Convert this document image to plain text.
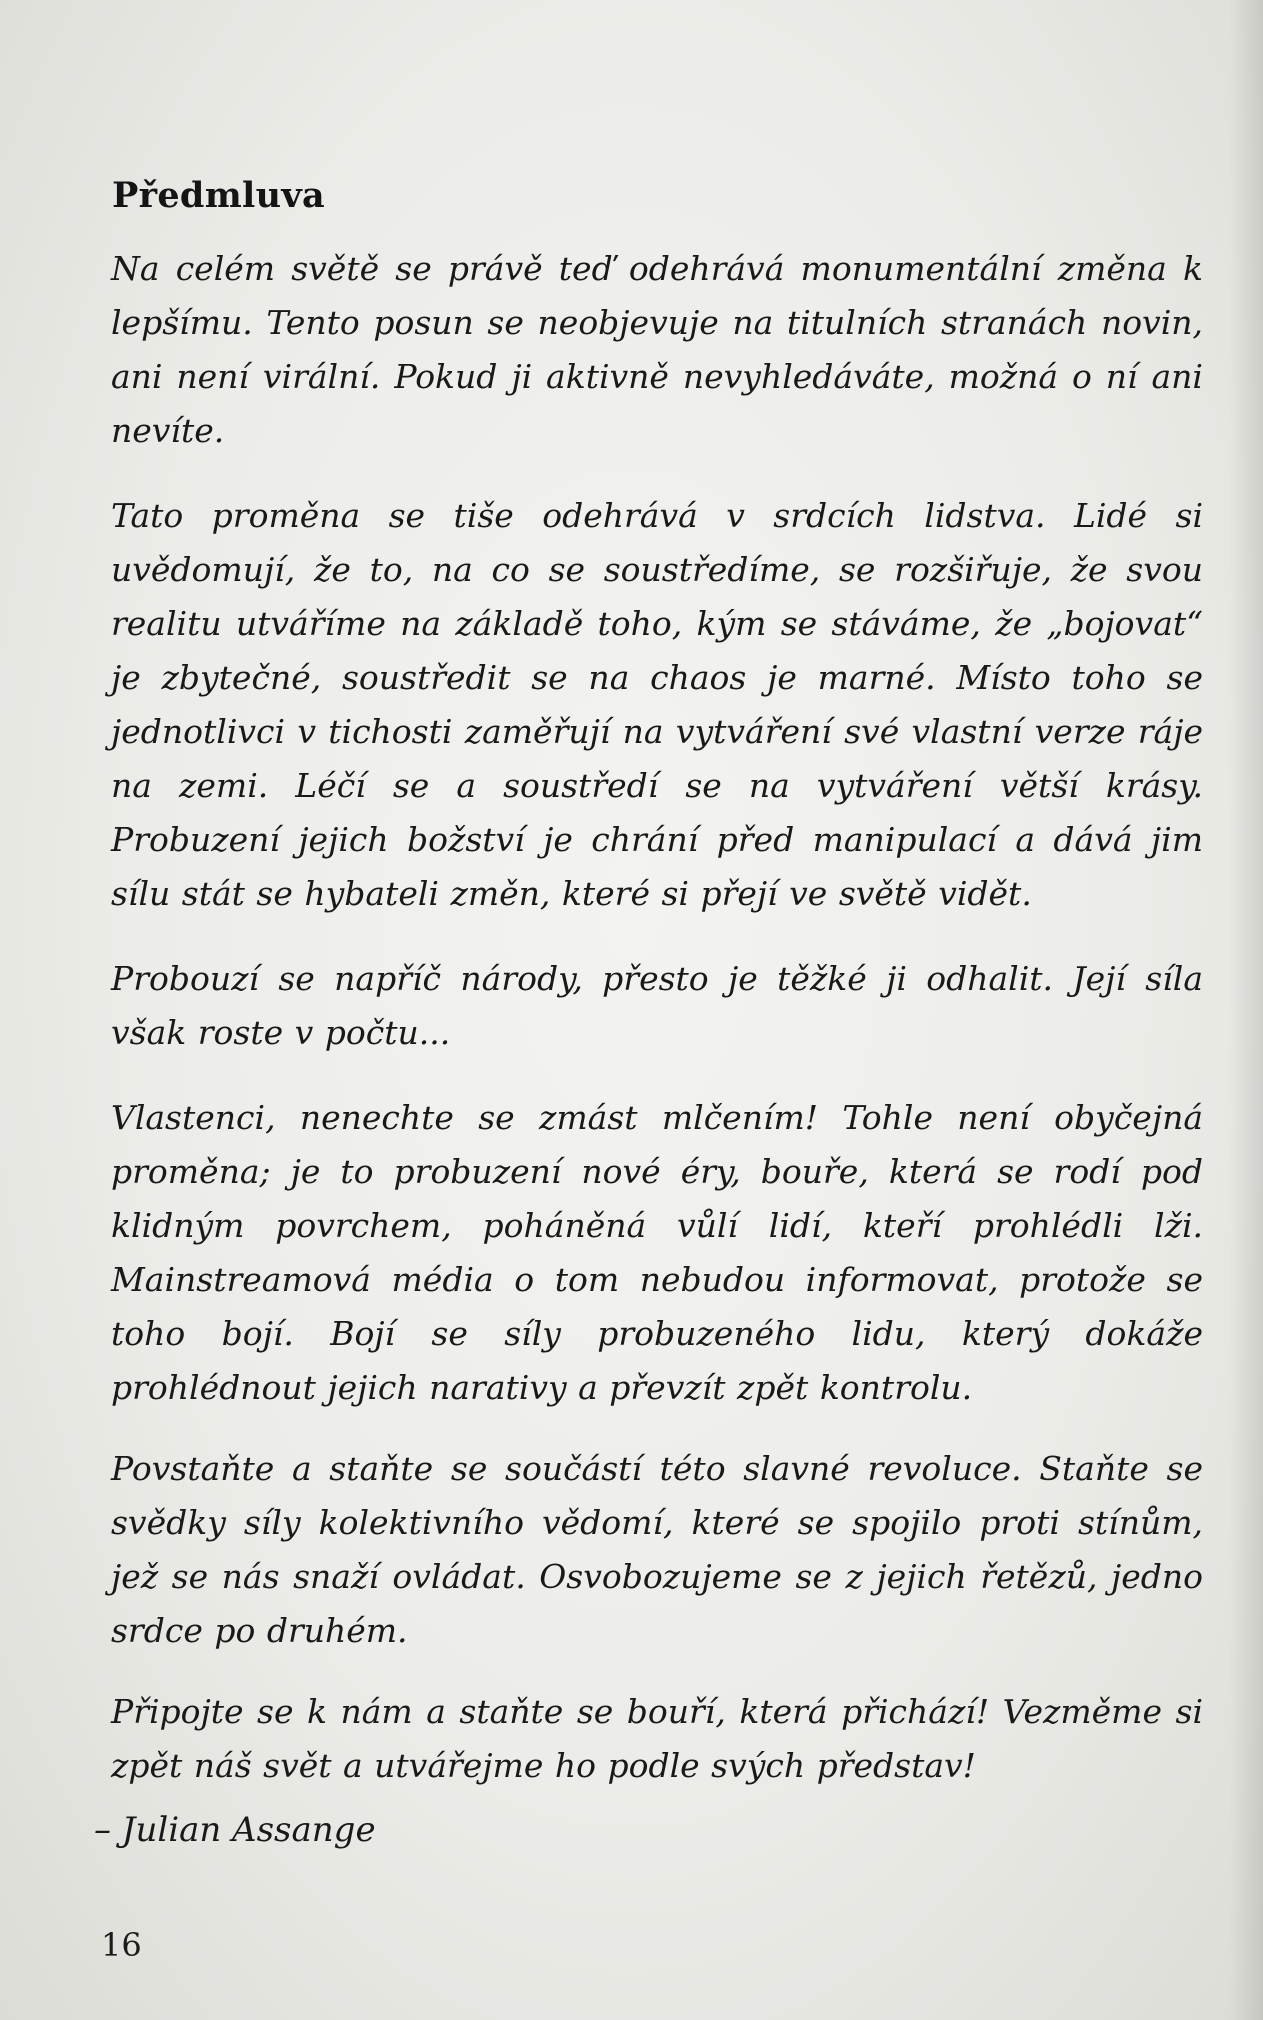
Předmluva

Na celém světě se právě teď odehrává monumentální změna k lepšímu. Tento posun se neobjevuje na titulních stranách novin, ani není virální. Pokud ji aktivně nevyhledáváte, možná o ní ani nevíte.

Tato proměna se tiše odehrává v srdcích lidstva. Lidé si uvědomují, že to, na co se soustředíme, se rozšiřuje, že svou realitu utváříme na základě toho, kým se stáváme, že „bojovat“ je zbytečné, soustředit se na chaos je marné. Místo toho se jednotlivci v tichosti zaměřují na vytváření své vlastní verze ráje na zemi. Léčí se a soustředí se na vytváření větší krásy. Probuzení jejich božství je chrání před manipulací a dává jim sílu stát se hybateli změn, které si přejí ve světě vidět.

Probouzí se napříč národy, přesto je těžké ji odhalit. Její síla však roste v počtu...

Vlastenci, nenechte se zmást mlčením! Tohle není obyčejná proměna; je to probuzení nové éry, bouře, která se rodí pod klidným povrchem, poháněná vůlí lidí, kteří prohlédli lži. Mainstreamová média o tom nebudou informovat, protože se toho bojí. Bojí se síly probuzeného lidu, který dokáže prohlédnout jejich narativy a převzít zpět kontrolu.

Povstaňte a staňte se součástí této slavné revoluce. Staňte se svědky síly kolektivního vědomí, které se spojilo proti stínům, jež se nás snaží ovládat. Osvobozujeme se z jejich řetězů, jedno srdce po druhém.

Připojte se k nám a staňte se bouří, která přichází! Vezměme si zpět náš svět a utvářejme ho podle svých představ!

– Julian Assange

16
